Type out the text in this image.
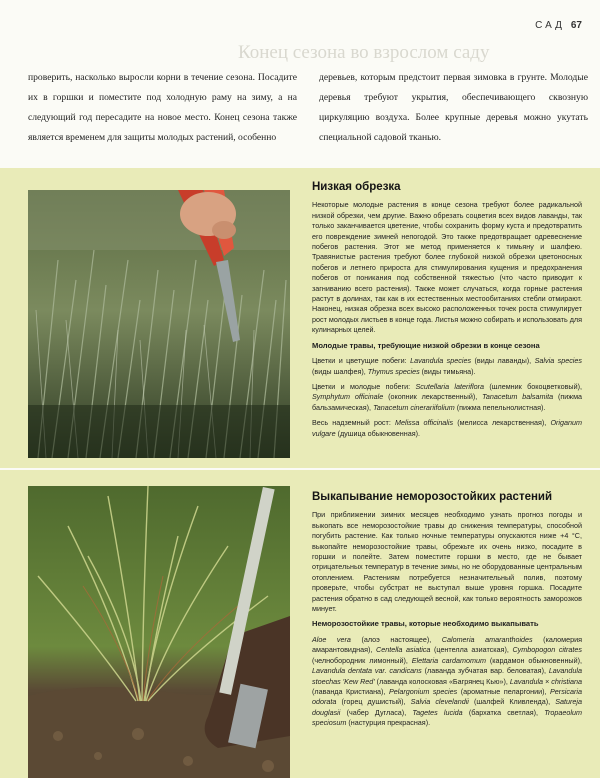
САД 67
Конец сезона во взрослом саду

проверить, насколько выросли корни в течение сезона. Посадите их в горшки и поместите под холодную раму на зиму, а на следующий год пересадите на новое место. Конец сезона также является временем для защиты молодых растений, особенно

деревьев, которым предстоит первая зимовка в грунте. Молодые деревья требуют укрытия, обеспечивающего сквозную циркуляцию воздуха. Более крупные деревья можно укутать специальной садовой тканью.

Низкая обрезка

Некоторые молодые растения в конце сезона требуют более радикальной низкой обрезки, чем другие. Важно обрезать соцветия всех видов лаванды, так только заканчивается цветение, чтобы сохранить форму куста и предотвратить его повреждение зимней непогодой. Это также предотвращает одревеснение побегов растения. Этот же метод применяется к тимьяну и шалфею. Травянистые растения требуют более глубокой низкой обрезки цветоносных побегов и летнего прироста для стимулирования кущения и предохранения побегов от поникания под собственной тяжестью (что часто приводит к загниванию всего растения). Также может случаться, когда горные растения растут в долинах, так как в их естественных местообитаниях стебли отмирают. Наконец, низкая обрезка всех высоко расположенных точек роста стимулирует рост молодых листьев в конце года. Листья можно собирать и использовать для кулинарных целей.

Молодые травы, требующие низкой обрезки в конце сезона
Цветки и цветущие побеги: Lavandula species (виды лаванды), Salvia species (виды шалфея), Thymus species (виды тимьяна).
Цветки и молодые побеги: Scutellaria lateriflora (шлемник бокоцветковый), Symphytum officinale (окопник лекарственный), Tanacetum balsamita (пижма бальзамическая), Tanacetum cinerariifolium (пижма пепельнолистная).
Весь надземный рост: Melissa officinalis (мелисса лекарственная), Origanum vulgare (душица обыкновенная).
Выкапывание неморозостойких растений

При приближении зимних месяцев необходимо узнать прогноз погоды и выкопать все неморозостойкие травы до снижения температуры, способной погубить растение. Как только ночные температуры опускаются ниже +4 °С, выкопайте неморозостойкие травы, обрежьте их очень низко, посадите в горшки и полейте. Затем поместите горшки в место, где не бывает отрицательных температур в течение зимы, но не оборудованные центральным отоплением. Растениям потребуется незначительный полив, поэтому проверьте, чтобы субстрат не выступал выше уровня горшка. Посадите растения обратно в сад следующей весной, как только вероятность заморозков минует.

Неморозостойкие травы, которые необходимо выкапывать
Aloe vera (алоэ настоящее), Calomeria amaranthoides (каломерия амарантовидная), Centella asiatica (центелла азиатская), Cymbopogon citrates (челнобородник лимонный), Elettaria cardamomum (кардамон обыкновенный), Lavandula dentata var. candicans (лаванда зубчатая вар. беловатая), Lavandula stoechas 'Kew Red' (лаванда колосковая «Багрянец Кью»), Lavandula × christiana (лаванда Кристиана), Pelargonium species (ароматные пеларгонии), Persicaria odorata (горец душистый), Salvia clevelandii (шалфей Кливленда), Satureja douglasii (чабер Дугласа), Tagetes lucida (бархатка светлая), Tropaeolum speciosum (настурция прекрасная).
